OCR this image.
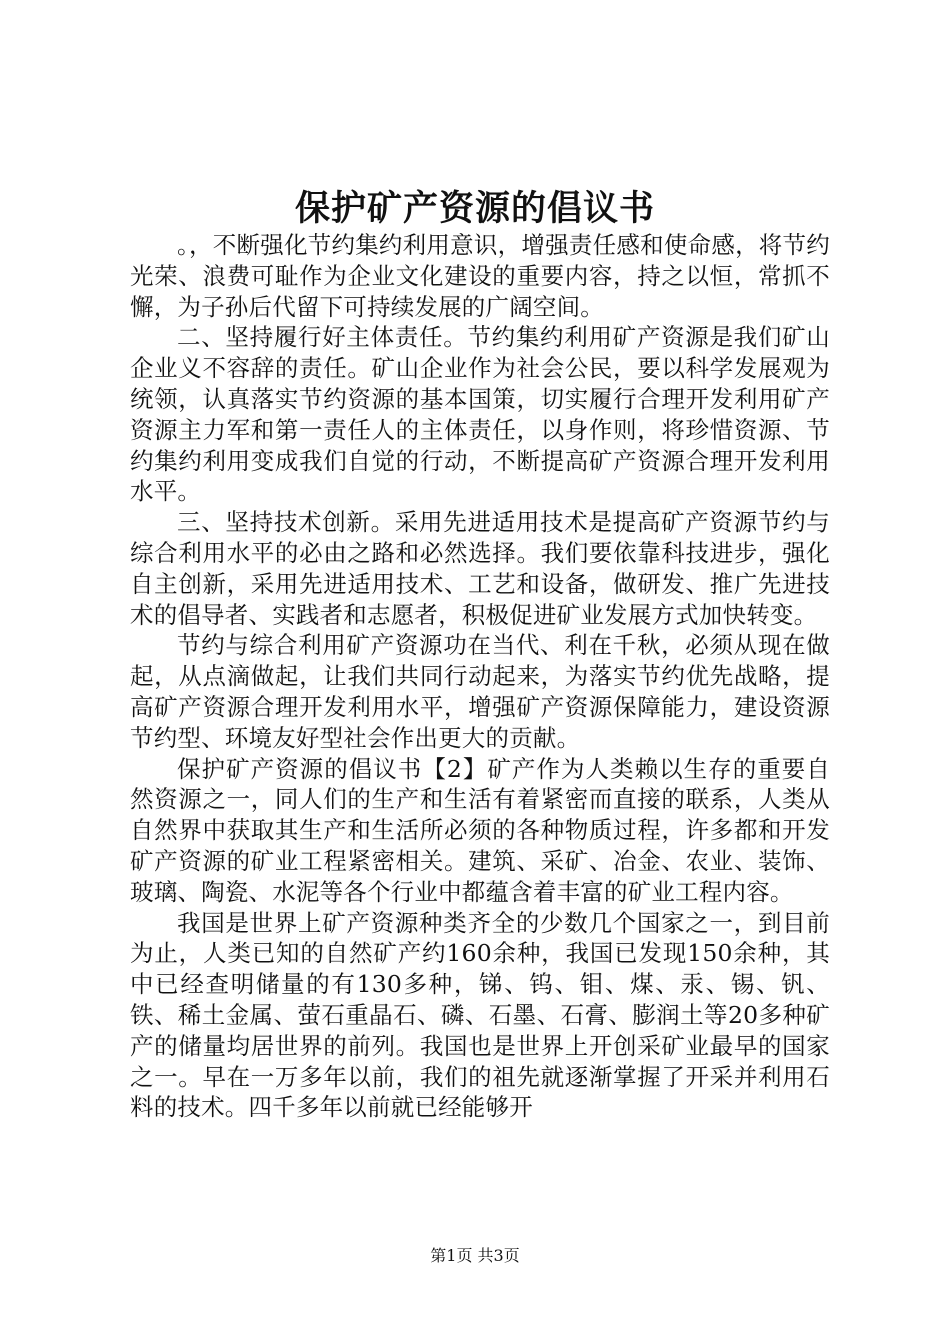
保护矿产资源的倡议书

。，不断强化节约集约利用意识，增强责任感和使命感，将节约光荣、浪费可耻作为企业文化建设的重要内容，持之以恒，常抓不懈，为子孙后代留下可持续发展的广阔空间。

二、坚持履行好主体责任。节约集约利用矿产资源是我们矿山企业义不容辞的责任。矿山企业作为社会公民，要以科学发展观为统领，认真落实节约资源的基本国策，切实履行合理开发利用矿产资源主力军和第一责任人的主体责任，以身作则，将珍惜资源、节约集约利用变成我们自觉的行动，不断提高矿产资源合理开发利用水平。

三、坚持技术创新。采用先进适用技术是提高矿产资源节约与综合利用水平的必由之路和必然选择。我们要依靠科技进步，强化自主创新，采用先进适用技术、工艺和设备，做研发、推广先进技术的倡导者、实践者和志愿者，积极促进矿业发展方式加快转变。

节约与综合利用矿产资源功在当代、利在千秋，必须从现在做起，从点滴做起，让我们共同行动起来，为落实节约优先战略，提高矿产资源合理开发利用水平，增强矿产资源保障能力，建设资源节约型、环境友好型社会作出更大的贡献。

保护矿产资源的倡议书【2】矿产作为人类赖以生存的重要自然资源之一，同人们的生产和生活有着紧密而直接的联系，人类从自然界中获取其生产和生活所必须的各种物质过程，许多都和开发矿产资源的矿业工程紧密相关。建筑、采矿、冶金、农业、装饰、玻璃、陶瓷、水泥等各个行业中都蕴含着丰富的矿业工程内容。

我国是世界上矿产资源种类齐全的少数几个国家之一，到目前为止，人类已知的自然矿产约160余种，我国已发现150余种，其中已经查明储量的有130多种，锑、钨、钼、煤、汞、锡、钒、铁、稀土金属、萤石重晶石、磷、石墨、石膏、膨润土等20多种矿产的储量均居世界的前列。我国也是世界上开创采矿业最早的国家之一。早在一万多年以前，我们的祖先就逐渐掌握了开采并利用石料的技术。四千多年以前就已经能够开

第1页 共3页
